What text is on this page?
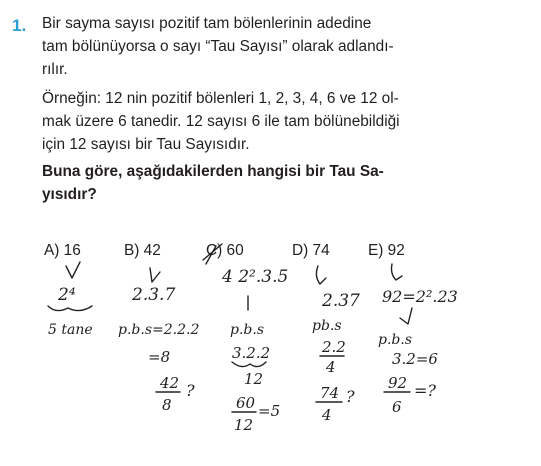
1. Bir sayma sayısı pozitif tam bölenlerinin adedine
tam bölünüyorsa o sayı “Tau Sayısı” olarak adlandı-
rılır.
Örneğin: 12 nin pozitif bölenleri 1, 2, 3, 4, 6 ve 12 ol-
mak üzere 6 tanedir. 12 sayısı 6 ile tam bölünebildiği
için 12 sayısı bir Tau Sayısıdır.
Buna göre, aşağıdakilerden hangisi bir Tau Sa-
yısıdır?
A) 16	B) 42	C) 60	D) 74 E) 92
2⁴
5 tane
2.3.7
p.b.s=2.2.2
=8
42
8
?
4 2².3.5
p.b.s
3.2.2
12
60
12
=5
2.37
pb.s
2.2
4
74
4
?
92=2².23
p.b.s
3.2=6
92
6
=?
